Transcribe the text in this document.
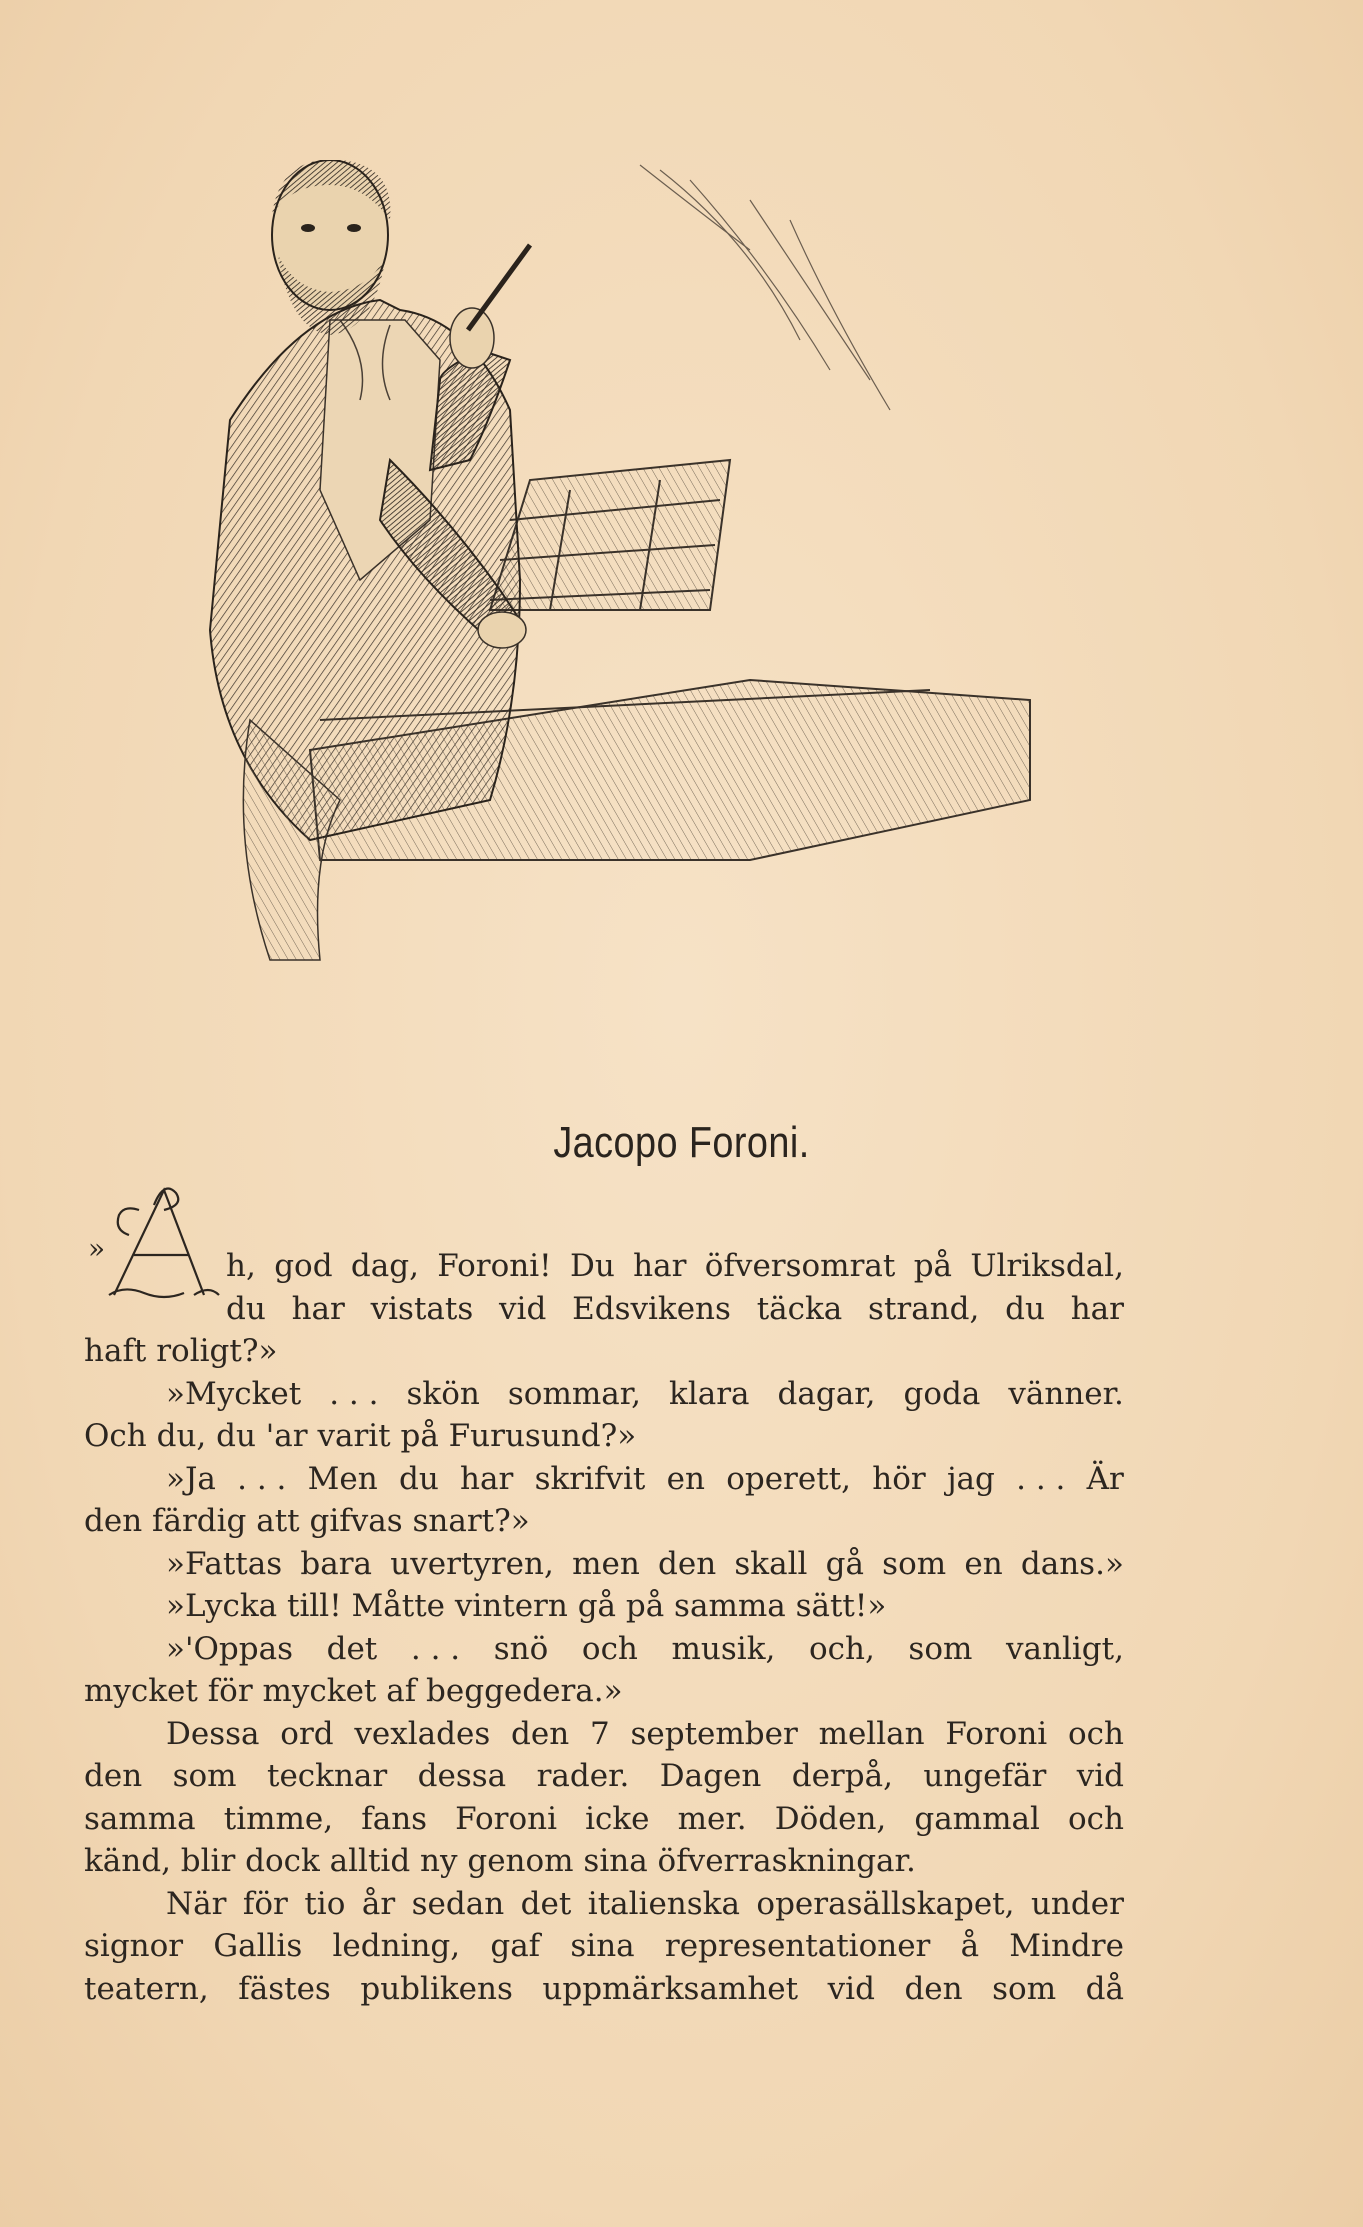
Jacopo Foroni.
»	h, god dag, Foroni! Du har öfversomrat på Ulriksdal,
du har vistats vid Edsvikens täcka strand, du har
haft roligt?»
»Mycket . . . skön sommar, klara dagar, goda vänner.
Och du, du 'ar varit på Furusund?»
»Ja . . . Men du har skrifvit en operett, hör jag . . . Är
den färdig att gifvas snart?»
»Fattas bara uvertyren, men den skall gå som en dans.»
»Lycka till! Måtte vintern gå på samma sätt!»
»'Oppas det . . . snö och musik, och, som vanligt,
mycket för mycket af beggedera.»
Dessa ord vexlades den 7 september mellan Foroni och
den som tecknar dessa rader. Dagen derpå, ungefär vid
samma timme, fans Foroni icke mer. Döden, gammal och
känd, blir dock alltid ny genom sina öfverraskningar.
När för tio år sedan det italienska operasällskapet, under
signor Gallis ledning, gaf sina representationer å Mindre
teatern, fästes publikens uppmärksamhet vid den som då
